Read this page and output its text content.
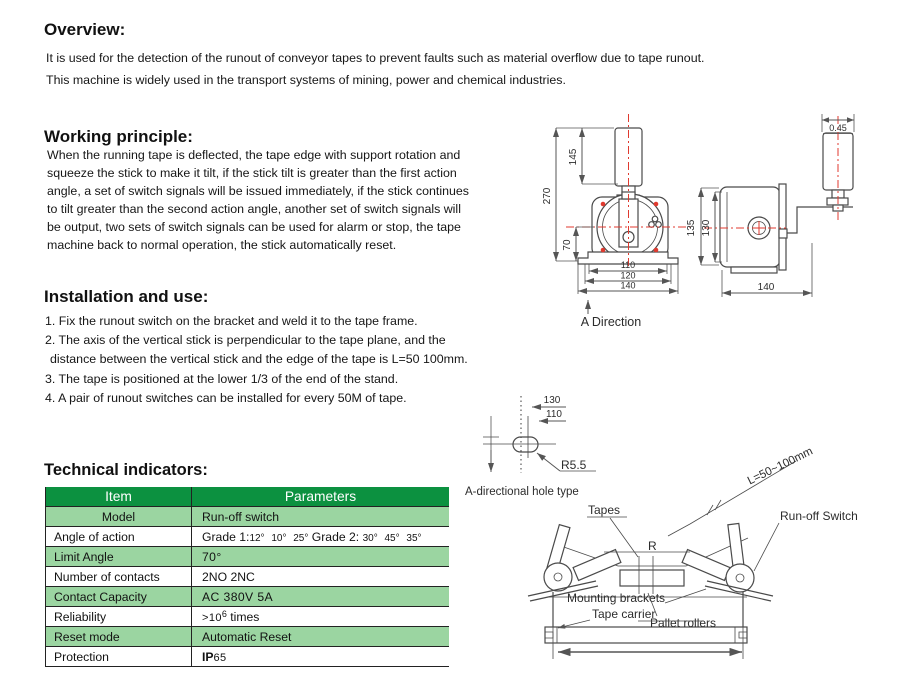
Overview:
It is used for the detection of the runout of conveyor tapes to prevent faults such as material overflow due to tape runout.
This machine is widely used in the transport systems of mining, power and chemical industries.
Working principle:
When the running tape is deflected, the tape edge with support rotation and
squeeze the stick to make it tilt, if the stick tilt is greater than the first action
angle, a set of switch signals will be issued immediately, if the stick continues
to tilt greater than the second action angle, another set of switch signals will
be output, two sets of switch signals can be used for alarm or stop, the tape
machine back to normal operation, the stick automatically reset.
Installation and use:
1. Fix the runout switch on the bracket and weld it to the tape frame.
2. The axis of the vertical stick is perpendicular to the tape plane, and the
distance between the vertical stick and the edge of the tape is L=50 100mm.
3. The tape is positioned at the lower 1/3 of the end of the stand.
4. A pair of runout switches can be installed for every 50M of tape.
Technical indicators:
Item	Parameters
Model	Run-off switch
Angle of action	Grade 1:12° 10° 25° Grade 2: 30° 45° 35°
Limit Angle	70°
Number of contacts	2NO 2NC
Contact Capacity	AC 380V 5A
Reliability	$>10^6$ times
Reset mode	Automatic Reset
Protection	IP65
270
145
70
110
120
140
A Direction
0.45
135 130
140
130
110
R5.5
A-directional hole type
L=50~100mm
Tapes	Run-off Switch
R
Mounting brackets
Tape carrier
Pallet rollers
